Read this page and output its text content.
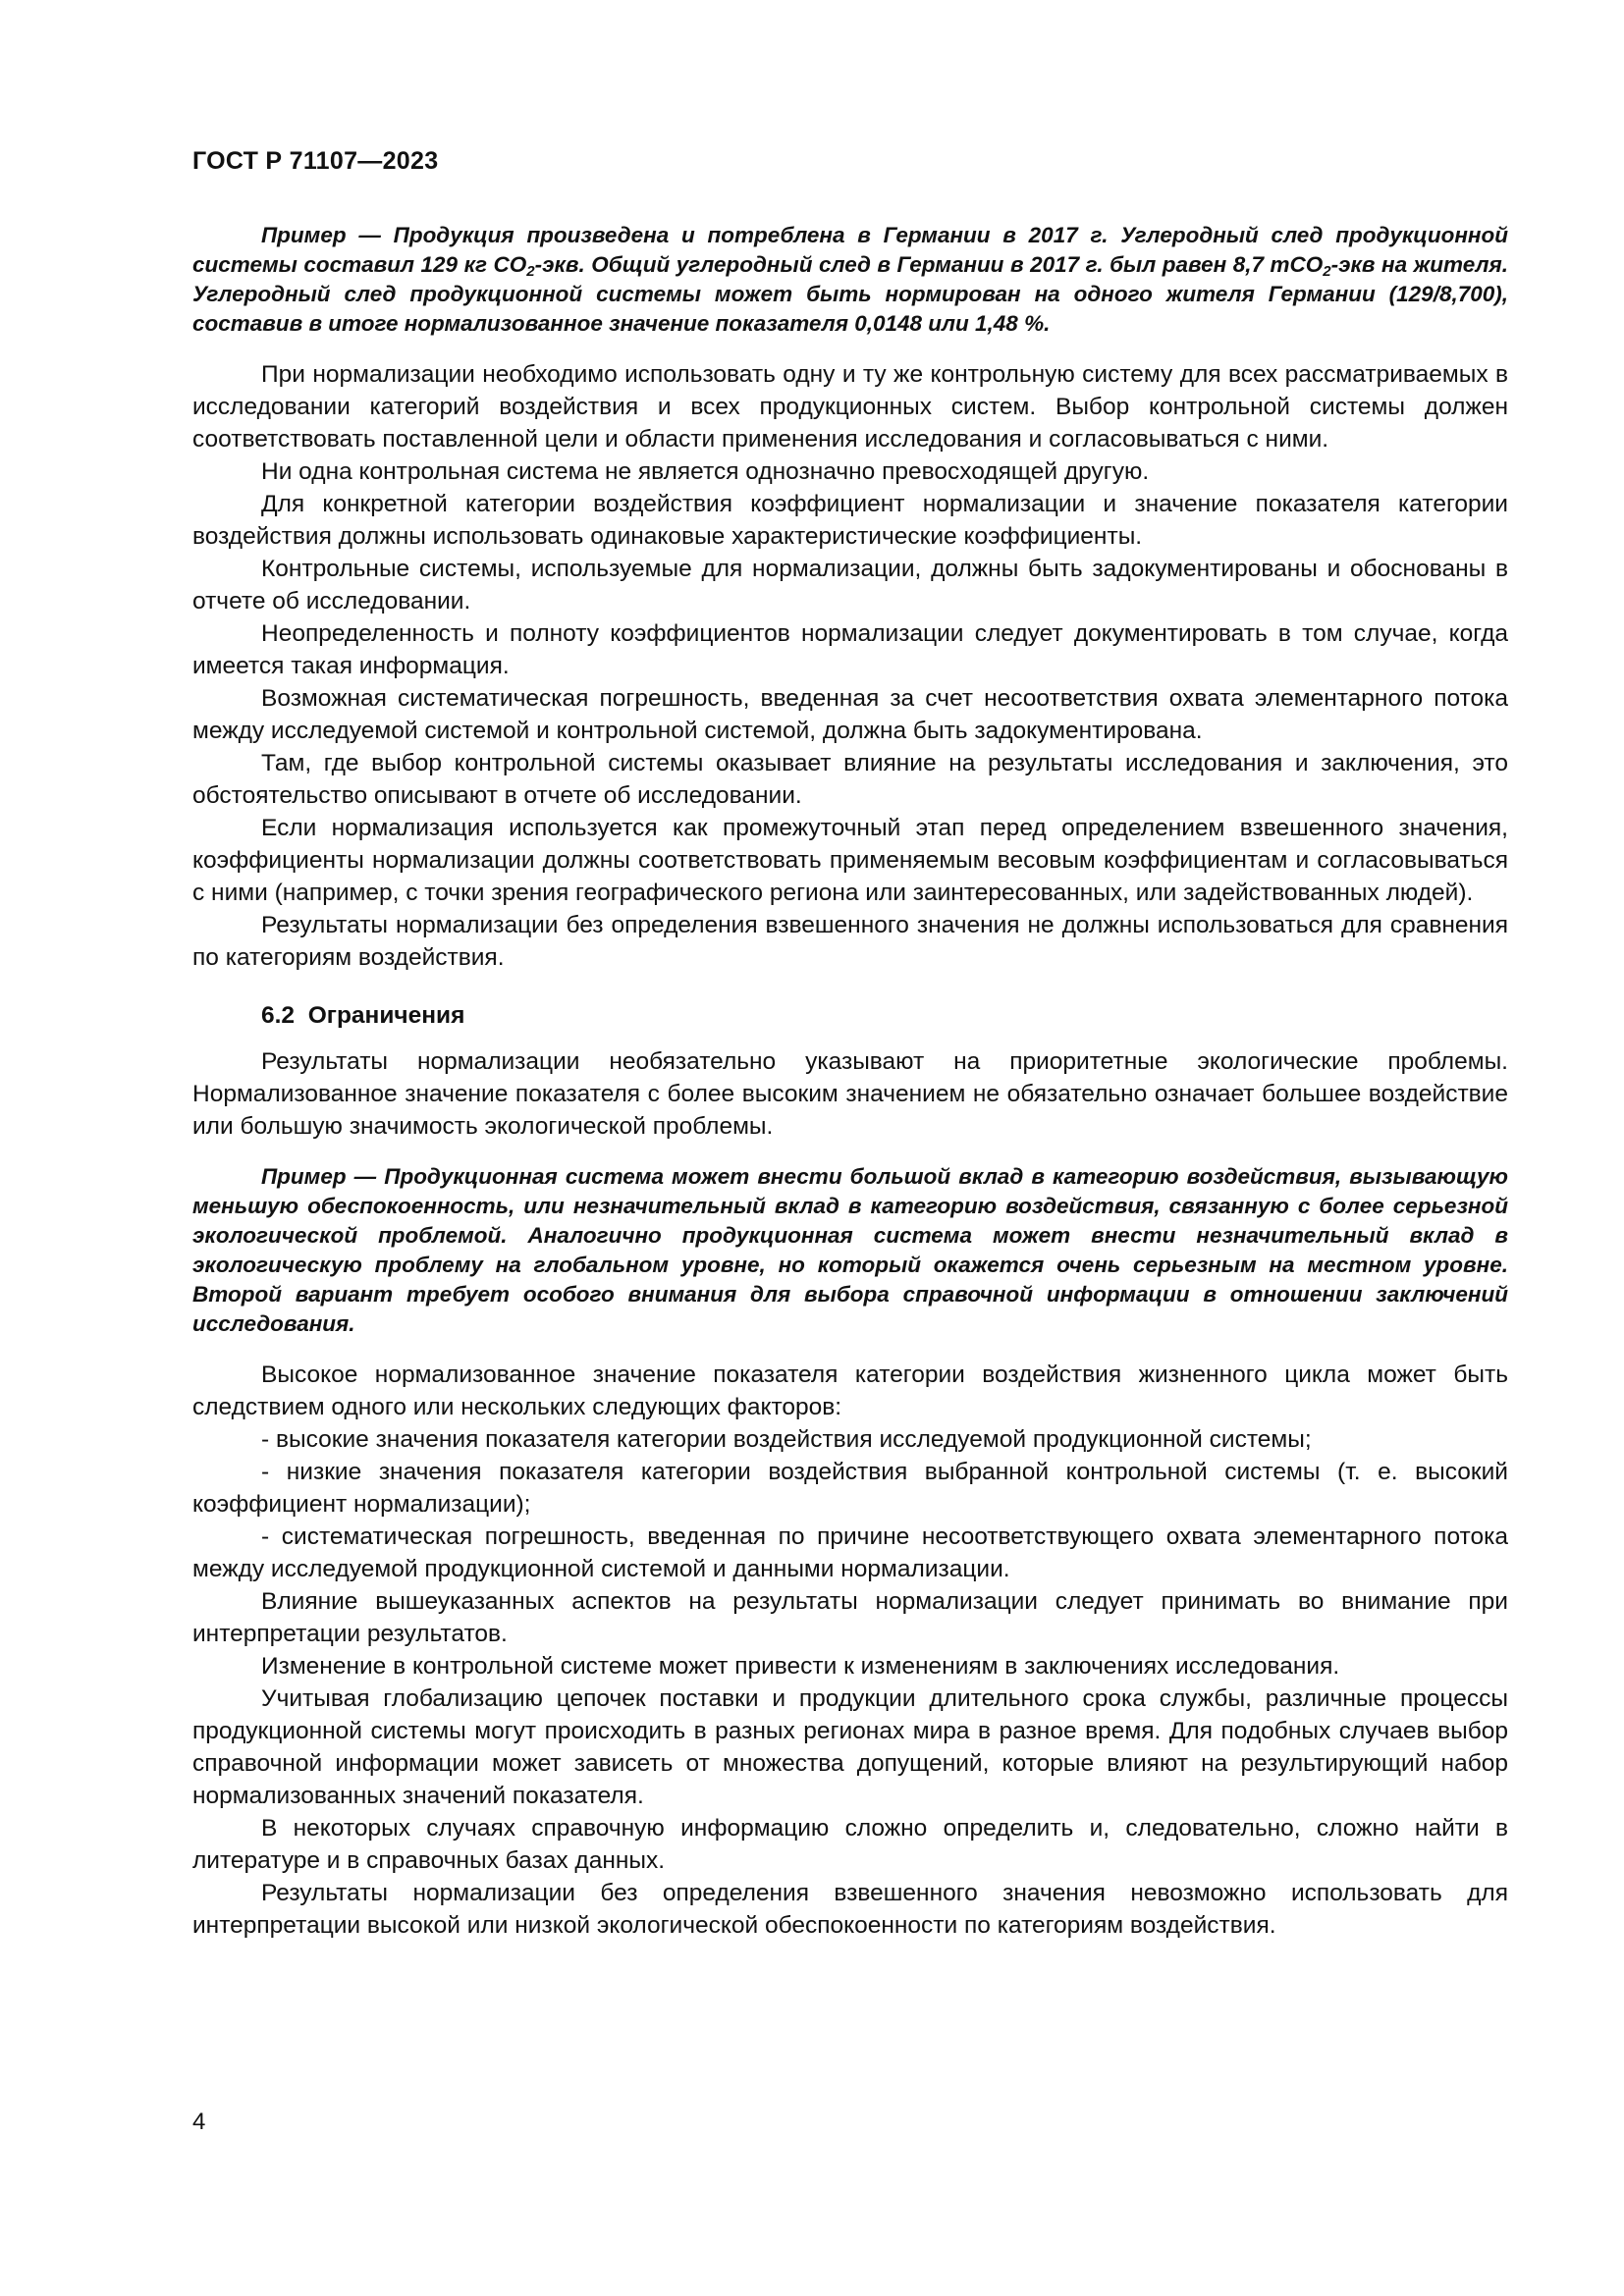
ГОСТ Р 71107—2023

Пример — Продукция произведена и потреблена в Германии в 2017 г. Углеродный след продукционной системы составил 129 кг $СО_2$-экв. Общий углеродный след в Германии в 2017 г. был равен 8,7 тСО$_2$-экв на жителя. Углеродный след продукционной системы может быть нормирован на одного жителя Германии (129/8,700), составив в итоге нормализованное значение показателя 0,0148 или 1,48 %.

При нормализации необходимо использовать одну и ту же контрольную систему для всех рассматриваемых в исследовании категорий воздействия и всех продукционных систем. Выбор контрольной системы должен соответствовать поставленной цели и области применения исследования и согласовываться с ними.

Ни одна контрольная система не является однозначно превосходящей другую.

Для конкретной категории воздействия коэффициент нормализации и значение показателя категории воздействия должны использовать одинаковые характеристические коэффициенты.

Контрольные системы, используемые для нормализации, должны быть задокументированы и обоснованы в отчете об исследовании.

Неопределенность и полноту коэффициентов нормализации следует документировать в том случае, когда имеется такая информация.

Возможная систематическая погрешность, введенная за счет несоответствия охвата элементарного потока между исследуемой системой и контрольной системой, должна быть задокументирована.

Там, где выбор контрольной системы оказывает влияние на результаты исследования и заключения, это обстоятельство описывают в отчете об исследовании.

Если нормализация используется как промежуточный этап перед определением взвешенного значения, коэффициенты нормализации должны соответствовать применяемым весовым коэффициентам и согласовываться с ними (например, с точки зрения географического региона или заинтересованных, или задействованных людей).

Результаты нормализации без определения взвешенного значения не должны использоваться для сравнения по категориям воздействия.

6.2 Ограничения

Результаты нормализации необязательно указывают на приоритетные экологические проблемы. Нормализованное значение показателя с более высоким значением не обязательно означает большее воздействие или большую значимость экологической проблемы.

Пример — Продукционная система может внести большой вклад в категорию воздействия, вызывающую меньшую обеспокоенность, или незначительный вклад в категорию воздействия, связанную с более серьезной экологической проблемой. Аналогично продукционная система может внести незначительный вклад в экологическую проблему на глобальном уровне, но который окажется очень серьезным на местном уровне. Второй вариант требует особого внимания для выбора справочной информации в отношении заключений исследования.

Высокое нормализованное значение показателя категории воздействия жизненного цикла может быть следствием одного или нескольких следующих факторов:

- высокие значения показателя категории воздействия исследуемой продукционной системы;

- низкие значения показателя категории воздействия выбранной контрольной системы (т. е. высокий коэффициент нормализации);

- систематическая погрешность, введенная по причине несоответствующего охвата элементарного потока между исследуемой продукционной системой и данными нормализации.

Влияние вышеуказанных аспектов на результаты нормализации следует принимать во внимание при интерпретации результатов.

Изменение в контрольной системе может привести к изменениям в заключениях исследования.

Учитывая глобализацию цепочек поставки и продукции длительного срока службы, различные процессы продукционной системы могут происходить в разных регионах мира в разное время. Для подобных случаев выбор справочной информации может зависеть от множества допущений, которые влияют на результирующий набор нормализованных значений показателя.

В некоторых случаях справочную информацию сложно определить и, следовательно, сложно найти в литературе и в справочных базах данных.

Результаты нормализации без определения взвешенного значения невозможно использовать для интерпретации высокой или низкой экологической обеспокоенности по категориям воздействия.

4
